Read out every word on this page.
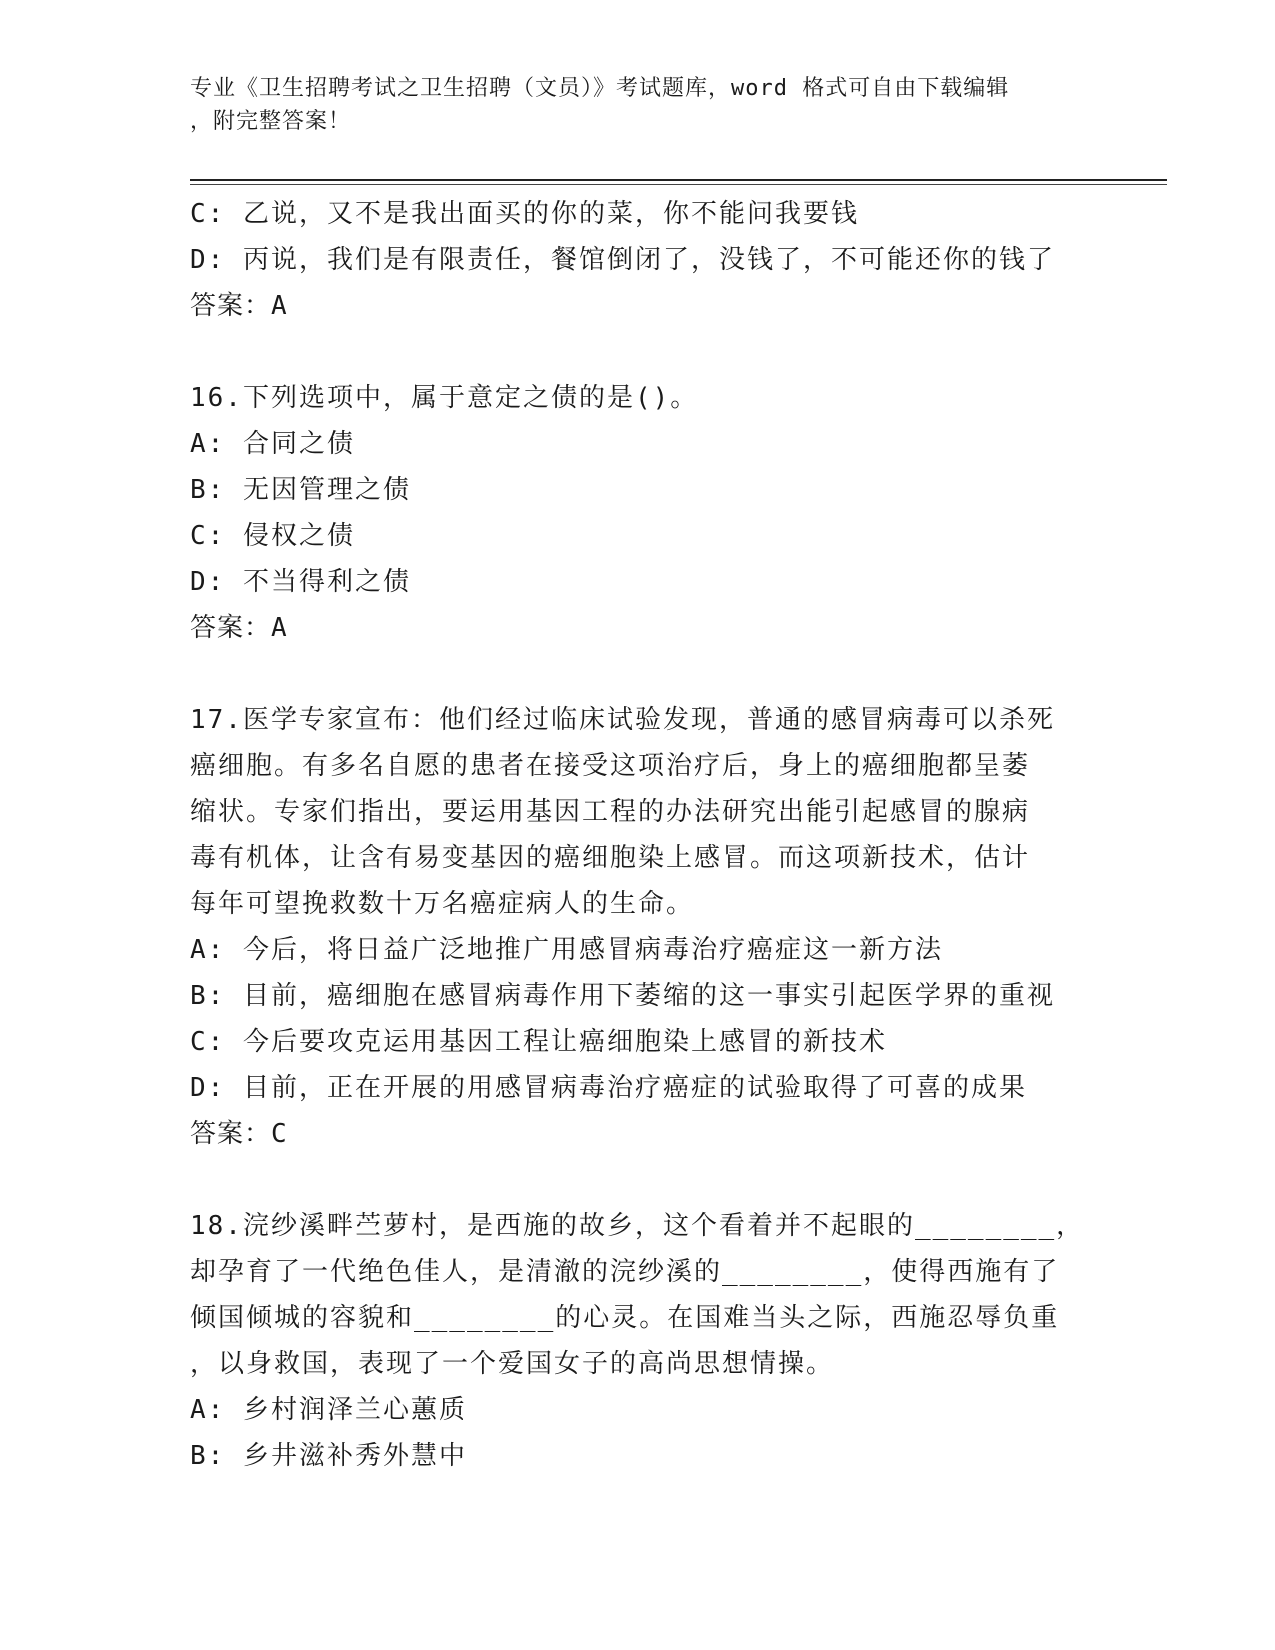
专业《卫生招聘考试之卫生招聘（文员）》考试题库，word 格式可自由下载编辑
，附完整答案！
C: 乙说，又不是我出面买的你的菜，你不能问我要钱
D: 丙说，我们是有限责任，餐馆倒闭了，没钱了，不可能还你的钱了
答案：A
16.下列选项中，属于意定之债的是()。
A: 合同之债
B: 无因管理之债
C: 侵权之债
D: 不当得利之债
答案：A
17.医学专家宣布：他们经过临床试验发现，普通的感冒病毒可以杀死
癌细胞。有多名自愿的患者在接受这项治疗后，身上的癌细胞都呈萎
缩状。专家们指出，要运用基因工程的办法研究出能引起感冒的腺病
毒有机体，让含有易变基因的癌细胞染上感冒。而这项新技术，估计
每年可望挽救数十万名癌症病人的生命。
A: 今后，将日益广泛地推广用感冒病毒治疗癌症这一新方法
B: 目前，癌细胞在感冒病毒作用下萎缩的这一事实引起医学界的重视
C: 今后要攻克运用基因工程让癌细胞染上感冒的新技术
D: 目前，正在开展的用感冒病毒治疗癌症的试验取得了可喜的成果
答案：C
18.浣纱溪畔苎萝村，是西施的故乡，这个看着并不起眼的________，
却孕育了一代绝色佳人，是清澈的浣纱溪的________，使得西施有了
倾国倾城的容貌和________的心灵。在国难当头之际，西施忍辱负重
，以身救国，表现了一个爱国女子的高尚思想情操。
A: 乡村润泽兰心蕙质
B: 乡井滋补秀外慧中
